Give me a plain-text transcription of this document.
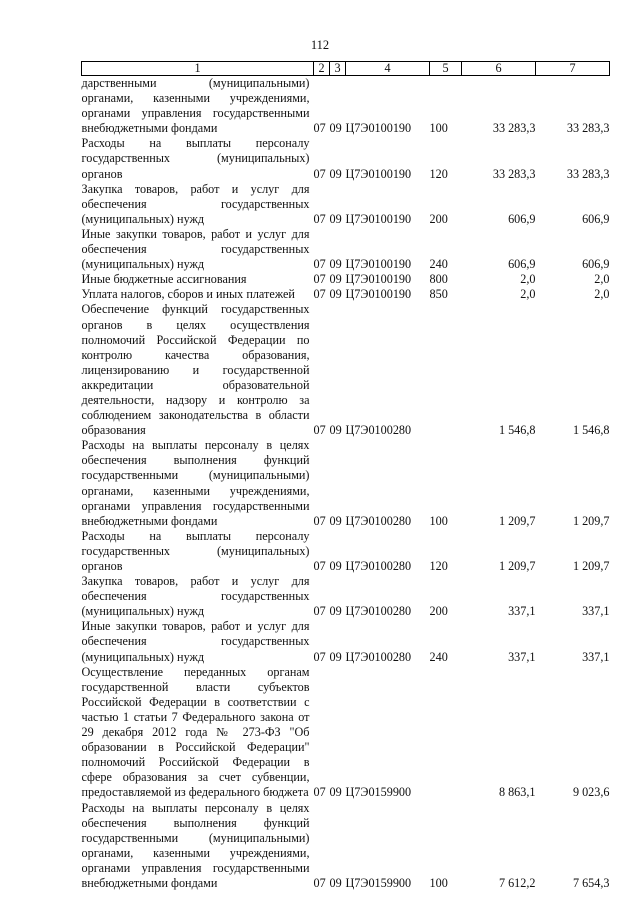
112
1	2	3	4	5	6	7
дарственными (муниципальными) органами, казенными учреждениями, органами управления государственными внебюджетными фондами	07	09	Ц7Э0100190	100	33 283,3	33 283,3
Расходы на выплаты персоналу государственных (муниципальных) органов	07	09	Ц7Э0100190	120	33 283,3	33 283,3
Закупка товаров, работ и услуг для обеспечения государственных (муниципальных) нужд	07	09	Ц7Э0100190	200	606,9	606,9
Иные закупки товаров, работ и услуг для обеспечения государственных (муниципальных) нужд	07	09	Ц7Э0100190	240	606,9	606,9
Иные бюджетные ассигнования	07	09	Ц7Э0100190	800	2,0	2,0
Уплата налогов, сборов и иных платежей	07	09	Ц7Э0100190	850	2,0	2,0
Обеспечение функций государственных органов в целях осуществления полномочий Российской Федерации по контролю качества образования, лицензированию и государственной аккредитации образовательной деятельности, надзору и контролю за соблюдением законодательства в области образования	07	09	Ц7Э0100280		1 546,8	1 546,8
Расходы на выплаты персоналу в целях обеспечения выполнения функций государственными (муниципальными) органами, казенными учреждениями, органами управления государственными внебюджетными фондами	07	09	Ц7Э0100280	100	1 209,7	1 209,7
Расходы на выплаты персоналу государственных (муниципальных) органов	07	09	Ц7Э0100280	120	1 209,7	1 209,7
Закупка товаров, работ и услуг для обеспечения государственных (муниципальных) нужд	07	09	Ц7Э0100280	200	337,1	337,1
Иные закупки товаров, работ и услуг для обеспечения государственных (муниципальных) нужд	07	09	Ц7Э0100280	240	337,1	337,1
Осуществление переданных органам государственной власти субъектов Российской Федерации в соответствии с частью 1 статьи 7 Федерального закона от 29 декабря 2012 года № 273-ФЗ "Об образовании в Российской Федерации" полномочий Российской Федерации в сфере образования за счет субвенции, предоставляемой из федерального бюджета	07	09	Ц7Э0159900		8 863,1	9 023,6
Расходы на выплаты персоналу в целях обеспечения выполнения функций государственными (муниципальными) органами, казенными учреждениями, органами управления государственными внебюджетными фондами	07	09	Ц7Э0159900	100	7 612,2	7 654,3
